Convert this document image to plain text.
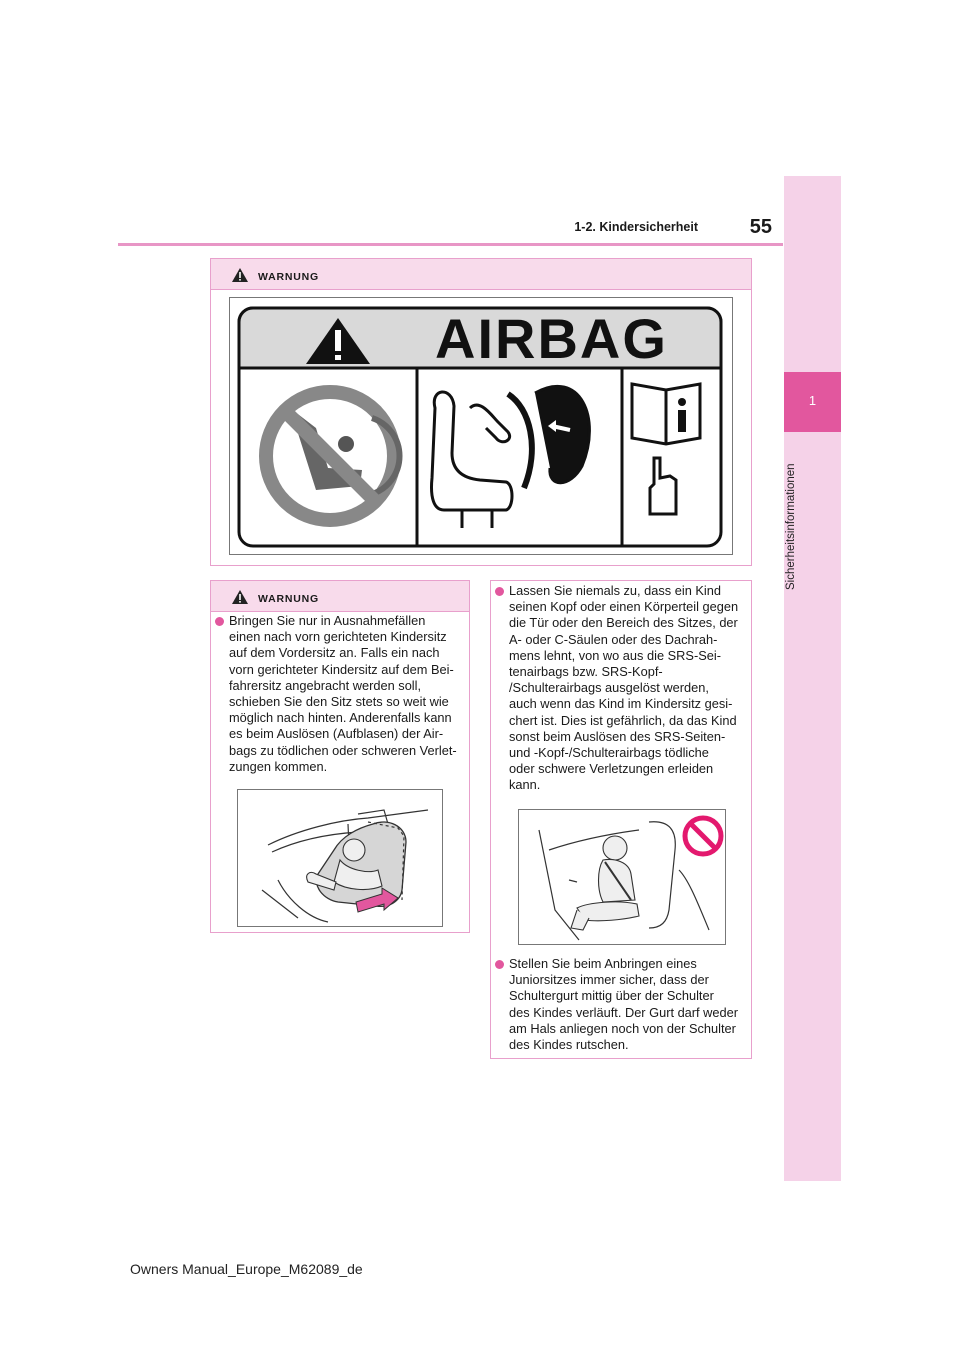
1
Sicherheitsinformationen
1-2. Kindersicherheit	55
WARNUNG
AIRBAG
WARNUNG
Bringen Sie nur in Ausnahmefällen
einen nach vorn gerichteten Kindersitz
auf dem Vordersitz an. Falls ein nach
vorn gerichteter Kindersitz auf dem Bei-
fahrersitz angebracht werden soll,
schieben Sie den Sitz stets so weit wie
möglich nach hinten. Anderenfalls kann
es beim Auslösen (Aufblasen) der Air-
bags zu tödlichen oder schweren Verlet-
zungen kommen.
Lassen Sie niemals zu, dass ein Kind
seinen Kopf oder einen Körperteil gegen
die Tür oder den Bereich des Sitzes, der
A- oder C-Säulen oder des Dachrah-
mens lehnt, von wo aus die SRS-Sei-
tenairbags bzw. SRS-Kopf-
/Schulterairbags ausgelöst werden,
auch wenn das Kind im Kindersitz gesi-
chert ist. Dies ist gefährlich, da das Kind
sonst beim Auslösen des SRS-Seiten-
und -Kopf-/Schulterairbags tödliche
oder schwere Verletzungen erleiden
kann.
Stellen Sie beim Anbringen eines
Juniorsitzes immer sicher, dass der
Schultergurt mittig über der Schulter
des Kindes verläuft. Der Gurt darf weder
am Hals anliegen noch von der Schulter
des Kindes rutschen.
Owners Manual_Europe_M62089_de
